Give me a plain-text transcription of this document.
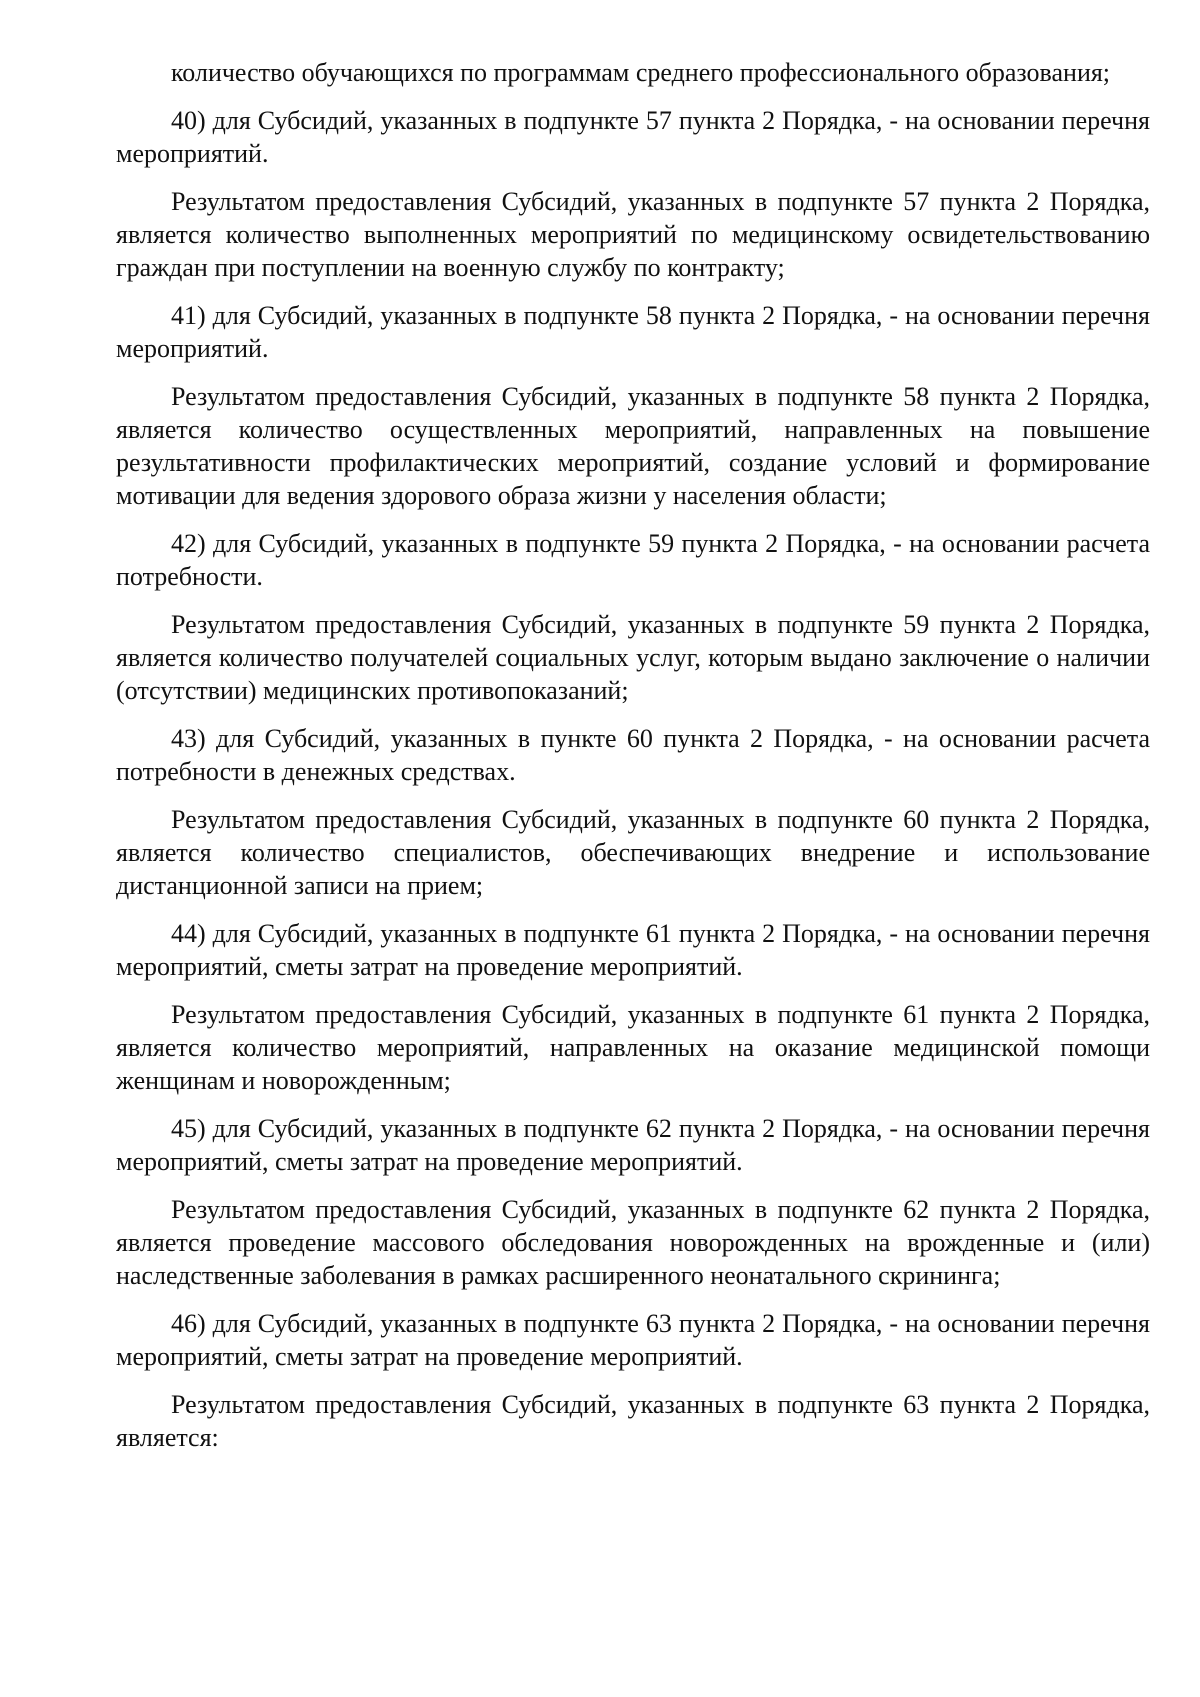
количество обучающихся по программам среднего профессионального образования;

40) для Субсидий, указанных в подпункте 57 пункта 2 Порядка, - на основании перечня мероприятий.

Результатом предоставления Субсидий, указанных в подпункте 57 пункта 2 Порядка, является количество выполненных мероприятий по медицинскому освидетельствованию граждан при поступлении на военную службу по контракту;

41) для Субсидий, указанных в подпункте 58 пункта 2 Порядка, - на основании перечня мероприятий.

Результатом предоставления Субсидий, указанных в подпункте 58 пункта 2 Порядка, является количество осуществленных мероприятий, направленных на повышение результативности профилактических мероприятий, создание условий и формирование мотивации для ведения здорового образа жизни у населения области;

42) для Субсидий, указанных в подпункте 59 пункта 2 Порядка, - на основании расчета потребности.

Результатом предоставления Субсидий, указанных в подпункте 59 пункта 2 Порядка, является количество получателей социальных услуг, которым выдано заключение о наличии (отсутствии) медицинских противопоказаний;

43) для Субсидий, указанных в пункте 60 пункта 2 Порядка, - на основании расчета потребности в денежных средствах.

Результатом предоставления Субсидий, указанных в подпункте 60 пункта 2 Порядка, является количество специалистов, обеспечивающих внедрение и использование дистанционной записи на прием;

44) для Субсидий, указанных в подпункте 61 пункта 2 Порядка, - на основании перечня мероприятий, сметы затрат на проведение мероприятий.

Результатом предоставления Субсидий, указанных в подпункте 61 пункта 2 Порядка, является количество мероприятий, направленных на оказание медицинской помощи женщинам и новорожденным;

45) для Субсидий, указанных в подпункте 62 пункта 2 Порядка, - на основании перечня мероприятий, сметы затрат на проведение мероприятий.

Результатом предоставления Субсидий, указанных в подпункте 62 пункта 2 Порядка, является проведение массового обследования новорожденных на врожденные и (или) наследственные заболевания в рамках расширенного неонатального скрининга;

46) для Субсидий, указанных в подпункте 63 пункта 2 Порядка, - на основании перечня мероприятий, сметы затрат на проведение мероприятий.

Результатом предоставления Субсидий, указанных в подпункте 63 пункта 2 Порядка, является:
